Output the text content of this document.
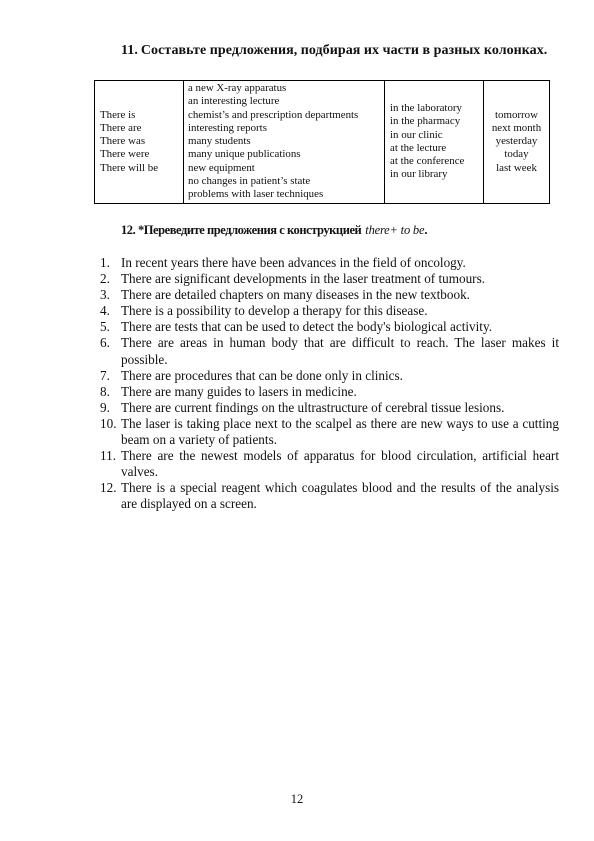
11. Составьте предложения, подбирая их части в разных колонках.
There is
There are
There was
There were
There will be

a new X-ray apparatus
an interesting lecture
chemist’s and prescription departments
interesting reports
many students
many unique publications
new equipment
no changes in patient’s state
problems with laser techniques

in the laboratory
in the pharmacy
in our clinic
at the lecture
at the conference
in our library

tomorrow
next month
yesterday
today
last week
12. *Переведите предложения с конструкцией there+ to be.
1. In recent years there have been advances in the field of oncology.
2. There are significant developments in the laser treatment of tumours.
3. There are detailed chapters on many diseases in the new textbook.
4. There is a possibility to develop a therapy for this disease.
5. There are tests that can be used to detect the body's biological activity.
6. There are areas in human body that are difficult to reach. The laser makes it possible.
7. There are procedures that can be done only in clinics.
8. There are many guides to lasers in medicine.
9. There are current findings on the ultrastructure of cerebral tissue lesions.
10. The laser is taking place next to the scalpel as there are new ways to use a cutting beam on a variety of patients.
11. There are the newest models of apparatus for blood circulation, artificial heart valves.
12. There is a special reagent which coagulates blood and the results of the analysis are displayed on a screen.
12
